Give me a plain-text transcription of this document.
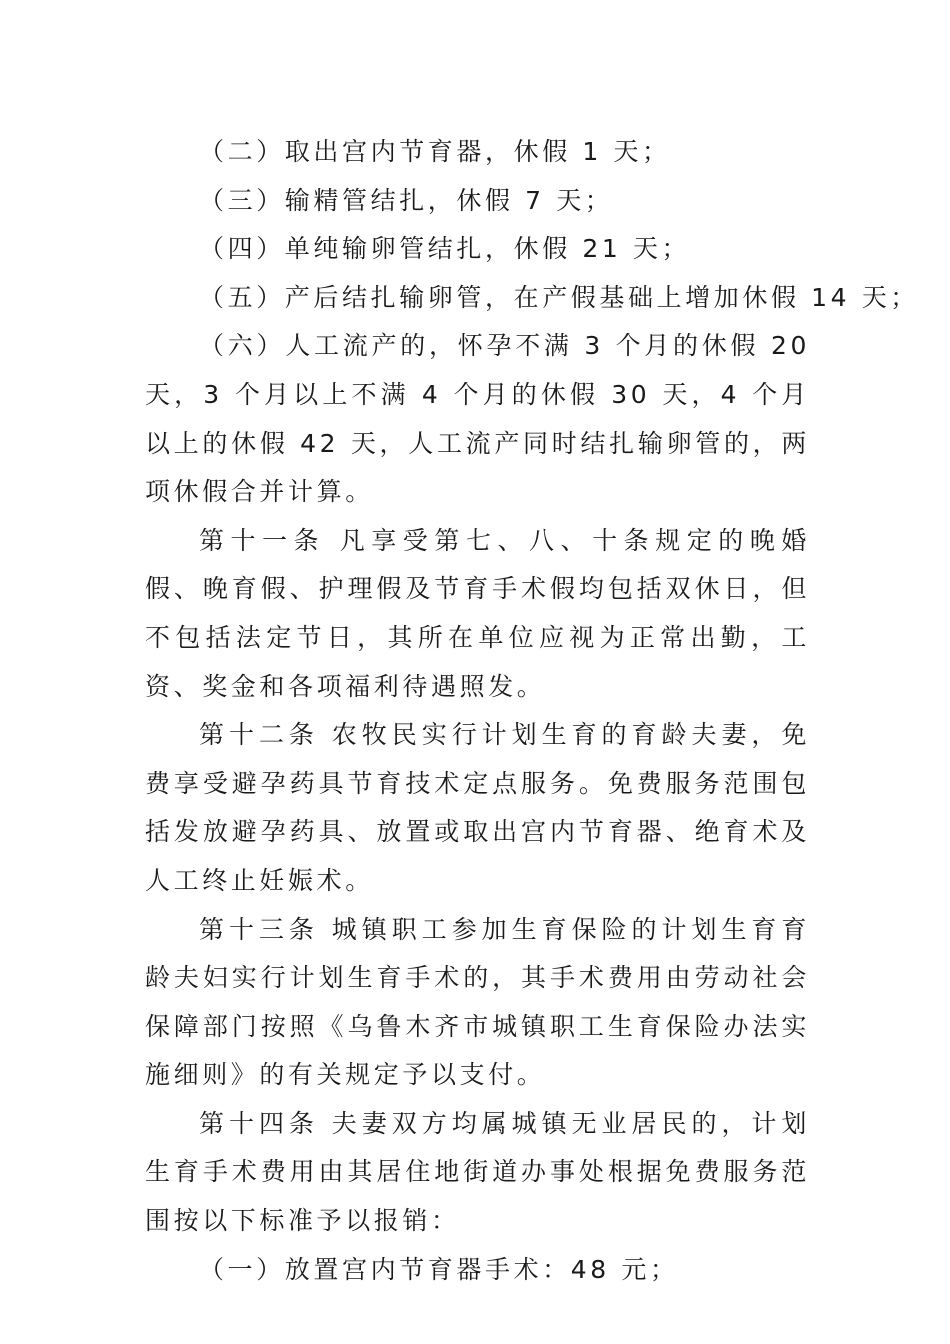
（二）取出宫内节育器，休假 1 天；

（三）输精管结扎，休假 7 天；

（四）单纯输卵管结扎，休假 21 天；

（五）产后结扎输卵管，在产假基础上增加休假 14 天；

（六）人工流产的，怀孕不满 3 个月的休假 20 天，3 个月以上不满 4 个月的休假 30 天，4 个月以上的休假 42 天，人工流产同时结扎输卵管的，两项休假合并计算。

第十一条 凡享受第七、八、十条规定的晚婚假、晚育假、护理假及节育手术假均包括双休日，但不包括法定节日，其所在单位应视为正常出勤，工资、奖金和各项福利待遇照发。

第十二条 农牧民实行计划生育的育龄夫妻，免费享受避孕药具节育技术定点服务。免费服务范围包括发放避孕药具、放置或取出宫内节育器、绝育术及人工终止妊娠术。

第十三条 城镇职工参加生育保险的计划生育育龄夫妇实行计划生育手术的，其手术费用由劳动社会保障部门按照《乌鲁木齐市城镇职工生育保险办法实施细则》的有关规定予以支付。

第十四条 夫妻双方均属城镇无业居民的，计划生育手术费用由其居住地街道办事处根据免费服务范围按以下标准予以报销：

（一）放置宫内节育器手术：48 元；
